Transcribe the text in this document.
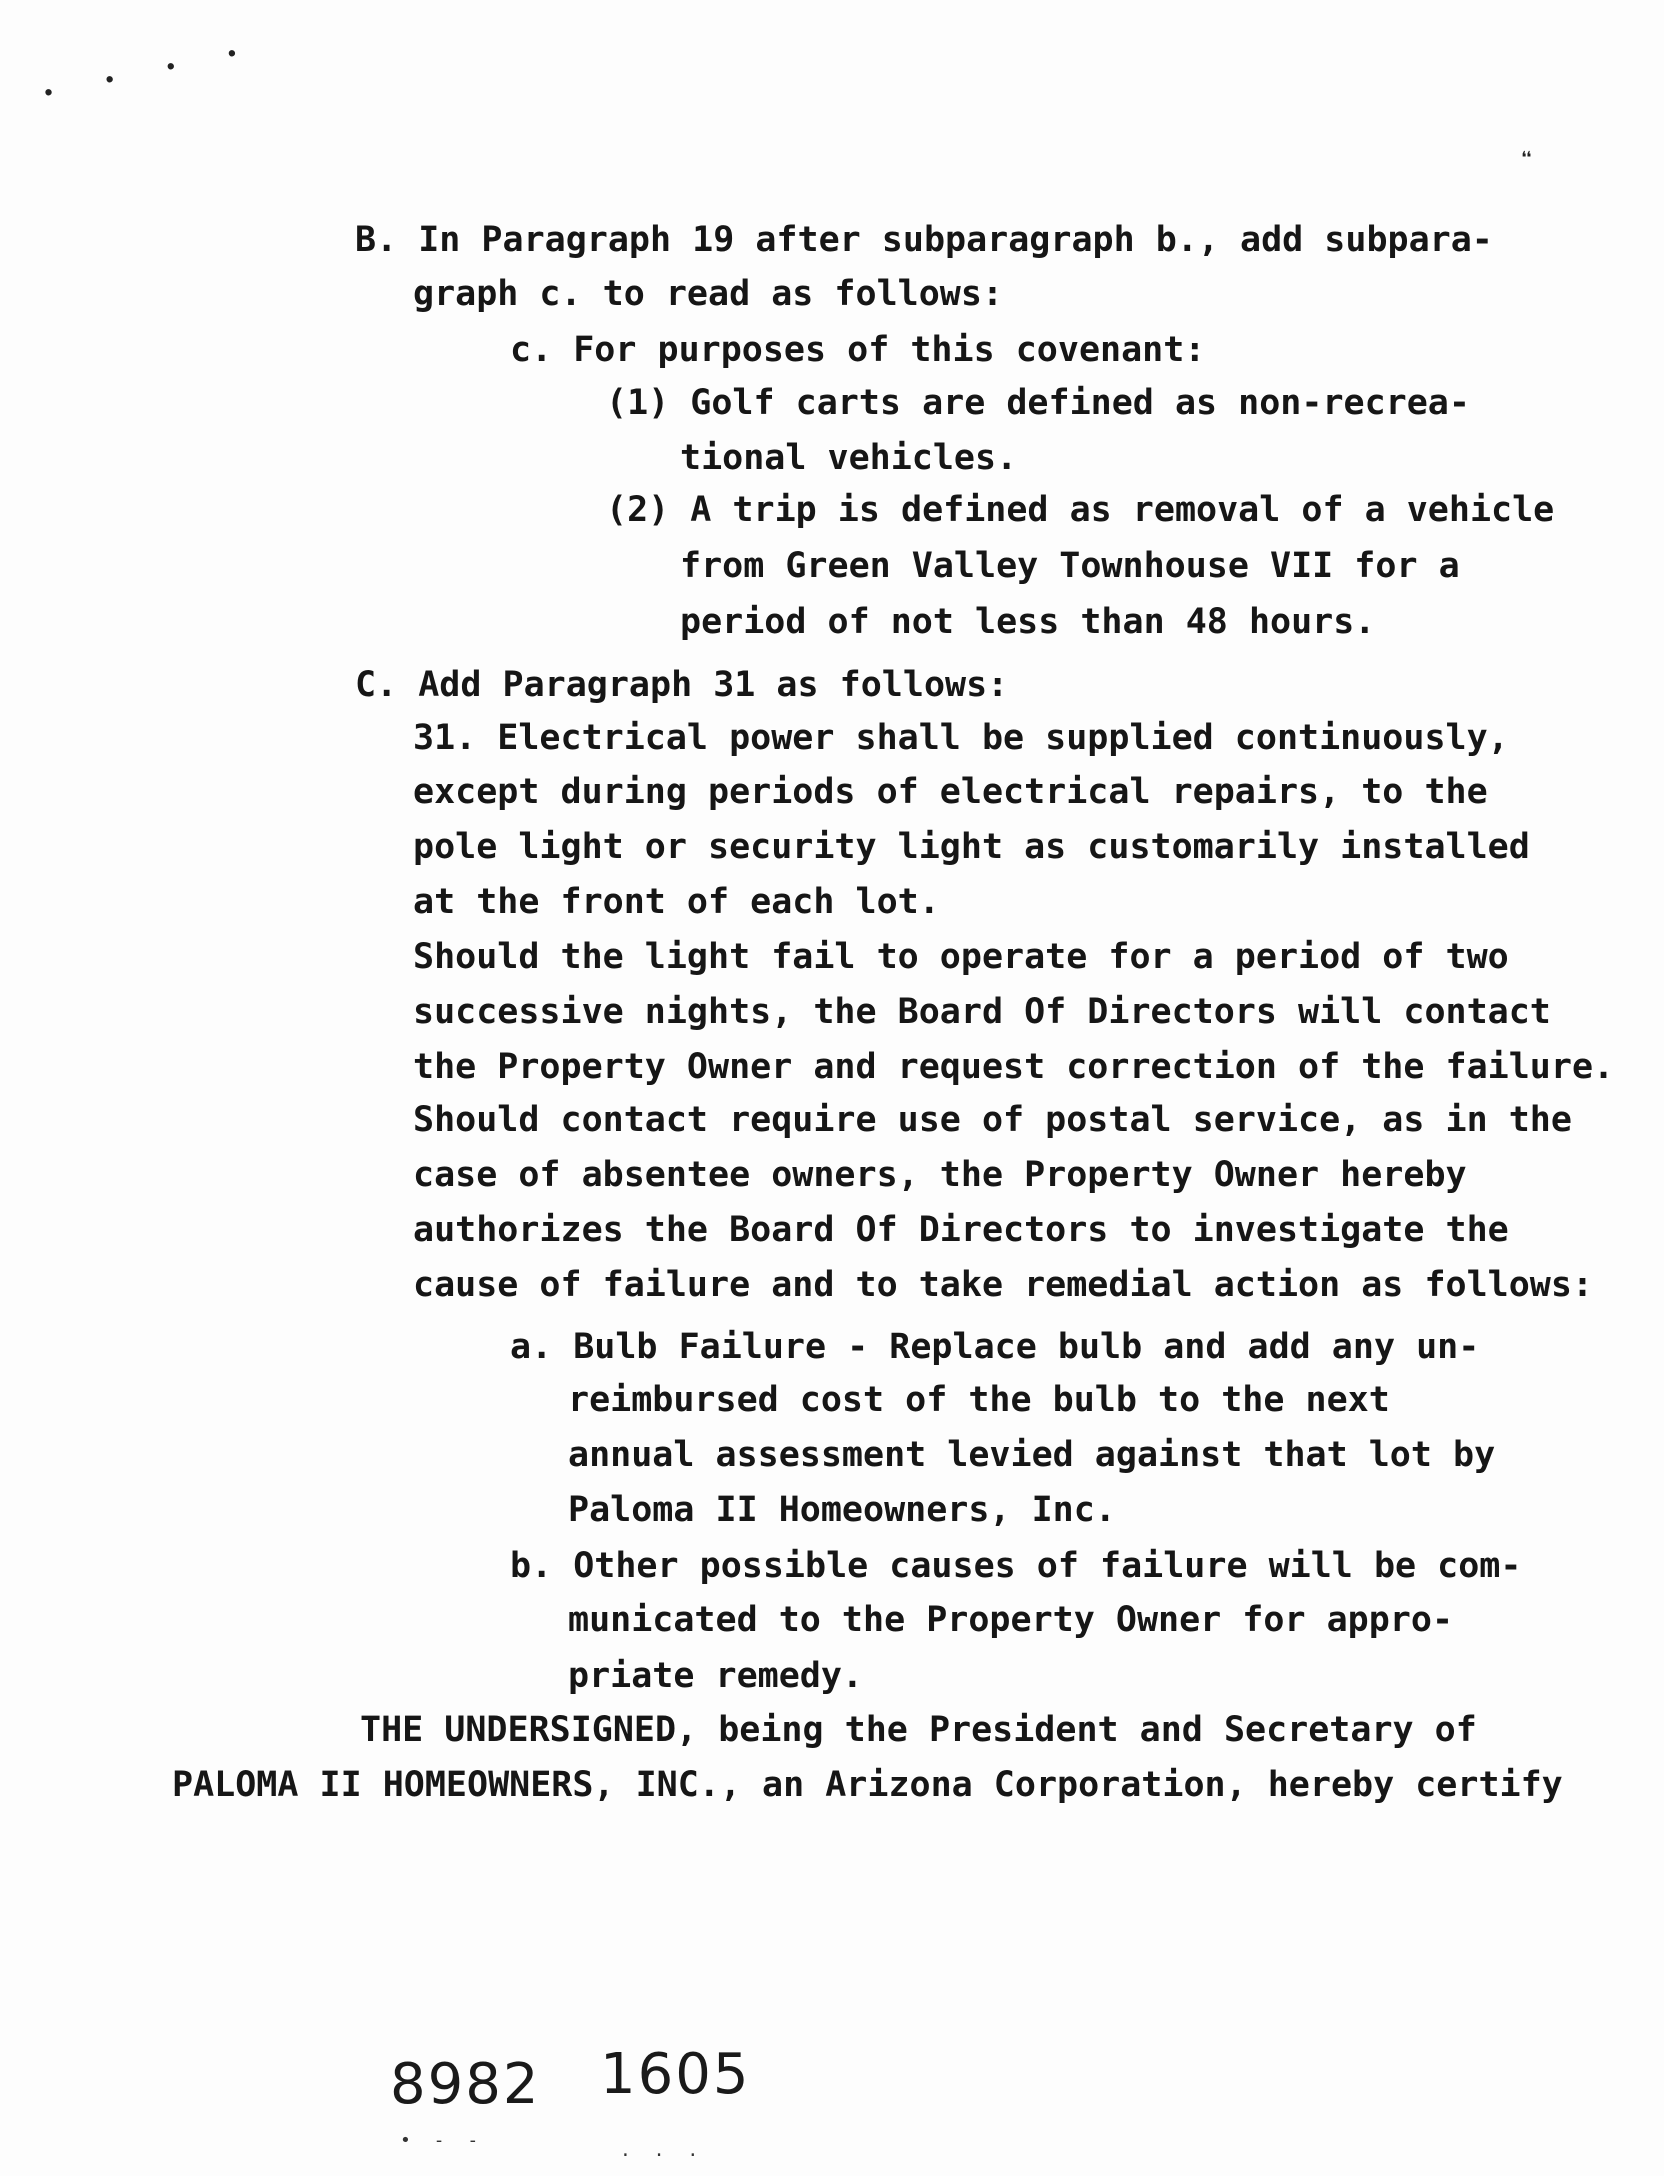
• • • •
❝
B. In Paragraph 19 after subparagraph b., add subpara-
graph c. to read as follows:
c. For purposes of this covenant:
(1) Golf carts are defined as non-recrea-
tional vehicles.
(2) A trip is defined as removal of a vehicle
from Green Valley Townhouse VII for a
period of not less than 48 hours.
C. Add Paragraph 31 as follows:
31. Electrical power shall be supplied continuously,
except during periods of electrical repairs, to the
pole light or security light as customarily installed
at the front of each lot.
Should the light fail to operate for a period of two
successive nights, the Board Of Directors will contact
the Property Owner and request correction of the failure.
Should contact require use of postal service, as in the
case of absentee owners, the Property Owner hereby
authorizes the Board Of Directors to investigate the
cause of failure and to take remedial action as follows:
a. Bulb Failure - Replace bulb and add any un-
reimbursed cost of the bulb to the next
annual assessment levied against that lot by
Paloma II Homeowners, Inc.
b. Other possible causes of failure will be com-
municated to the Property Owner for appro-
priate remedy.
THE UNDERSIGNED, being the President and Secretary of
PALOMA II HOMEOWNERS, INC., an Arizona Corporation, hereby certify
8982 1605
• - -	. . .
